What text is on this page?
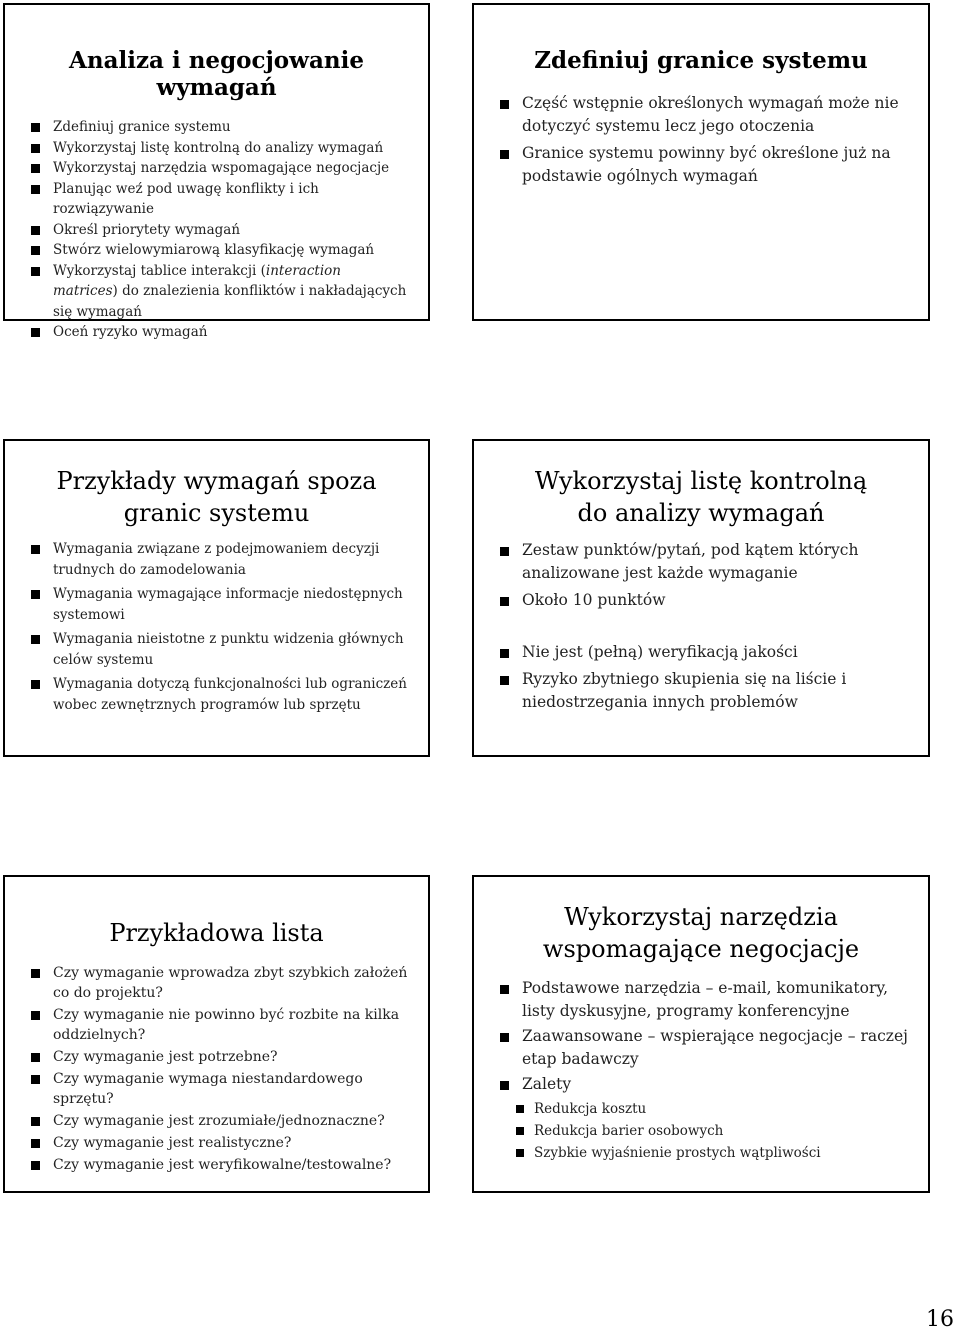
Analiza i negocjowanie wymagań
Zdefiniuj granice systemu
Wykorzystaj listę kontrolną do analizy wymagań
Wykorzystaj narzędzia wspomagające negocjacje
Planując weź pod uwagę konflikty i ich rozwiązywanie
Określ priorytety wymagań
Stwórz wielowymiarową klasyfikację wymagań
Wykorzystaj tablice interakcji (interaction matrices) do znalezienia konfliktów i nakładających się wymagań
Oceń ryzyko wymagań
Zdefiniuj granice systemu
Część wstępnie określonych wymagań może nie dotyczyć systemu lecz jego otoczenia
Granice systemu powinny być określone już na podstawie ogólnych wymagań
Przykłady wymagań spoza granic systemu
Wymagania związane z podejmowaniem decyzji trudnych do zamodelowania
Wymagania wymagające informacje niedostępnych systemowi
Wymagania nieistotne z punktu widzenia głównych celów systemu
Wymagania dotyczą funkcjonalności lub ograniczeń wobec zewnętrznych programów lub sprzętu
Wykorzystaj listę kontrolną do analizy wymagań
Zestaw punktów/pytań, pod kątem których analizowane jest każde wymaganie
Około 10 punktów
Nie jest (pełną) weryfikacją jakości
Ryzyko zbytniego skupienia się na liście i niedostrzegania innych problemów
Przykładowa lista
Czy wymaganie wprowadza zbyt szybkich założeń co do projektu?
Czy wymaganie nie powinno być rozbite na kilka oddzielnych?
Czy wymaganie jest potrzebne?
Czy wymaganie wymaga niestandardowego sprzętu?
Czy wymaganie jest zrozumiałe/jednoznaczne?
Czy wymaganie jest realistyczne?
Czy wymaganie jest weryfikowalne/testowalne?
Wykorzystaj narzędzia wspomagające negocjacje
Podstawowe narzędzia – e-mail, komunikatory, listy dyskusyjne, programy konferencyjne
Zaawansowane – wspierające negocjacje – raczej etap badawczy
Zalety
Redukcja kosztu
Redukcja barier osobowych
Szybkie wyjaśnienie prostych wątpliwości
16
